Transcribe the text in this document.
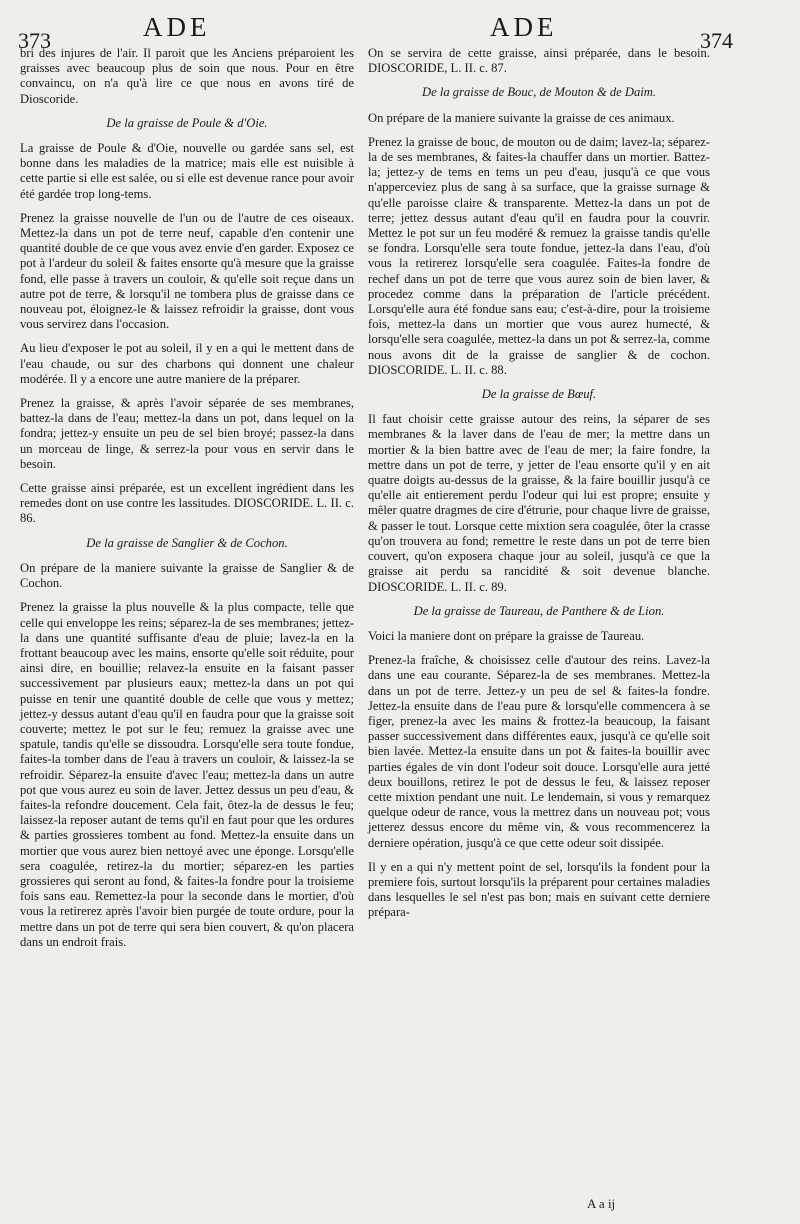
ADE	ADE
373	374

bri des injures de l'air. Il paroit que les Anciens préparoient les graisses avec beaucoup plus de soin que nous. Pour en être convaincu, on n'a qu'à lire ce que nous en avons tiré de Dioscoride.

De la graisse de Poule & d'Oie.

La graisse de Poule & d'Oie, nouvelle ou gardée sans sel, est bonne dans les maladies de la matrice; mais elle est nuisible à cette partie si elle est salée, ou si elle est devenue rance pour avoir été gardée trop long-tems.

Prenez la graisse nouvelle de l'un ou de l'autre de ces oiseaux. Mettez-la dans un pot de terre neuf, capable d'en contenir une quantité double de ce que vous avez envie d'en garder. Exposez ce pot à l'ardeur du soleil & faites ensorte qu'à mesure que la graisse fond, elle passe à travers un couloir, & qu'elle soit reçue dans un autre pot de terre, & lorsqu'il ne tombera plus de graisse dans ce nouveau pot, éloignez-le & laissez refroidir la graisse, dont vous vous servirez dans l'occasion.

Au lieu d'exposer le pot au soleil, il y en a qui le mettent dans de l'eau chaude, ou sur des charbons qui donnent une chaleur modérée. Il y a encore une autre maniere de la préparer.

Prenez la graisse, & après l'avoir séparée de ses membranes, battez-la dans de l'eau; mettez-la dans un pot, dans lequel on la fondra; jettez-y ensuite un peu de sel bien broyé; passez-la dans un morceau de linge, & serrez-la pour vous en servir dans le besoin.

Cette graisse ainsi préparée, est un excellent ingrédient dans les remedes dont on use contre les lassitudes. DIOSCORIDE. L. II. c. 86.

De la graisse de Sanglier & de Cochon.

On prépare de la maniere suivante la graisse de Sanglier & de Cochon.

Prenez la graisse la plus nouvelle & la plus compacte, telle que celle qui enveloppe les reins; séparez-la de ses membranes; jettez-la dans une quantité suffisante d'eau de pluie; lavez-la en la frottant beaucoup avec les mains, ensorte qu'elle soit réduite, pour ainsi dire, en bouillie; relavez-la ensuite en la faisant passer successivement par plusieurs eaux; mettez-la dans un pot qui puisse en tenir une quantité double de celle que vous y mettez; jettez-y dessus autant d'eau qu'il en faudra pour que la graisse soit couverte; mettez le pot sur le feu; remuez la graisse avec une spatule, tandis qu'elle se dissoudra. Lorsqu'elle sera toute fondue, faites-la tomber dans de l'eau à travers un couloir, & laissez-la se refroidir. Séparez-la ensuite d'avec l'eau; mettez-la dans un autre pot que vous aurez eu soin de laver. Jettez dessus un peu d'eau, & faites-la refondre doucement. Cela fait, ôtez-la de dessus le feu; laissez-la reposer autant de tems qu'il en faut pour que les ordures & parties grossieres tombent au fond. Mettez-la ensuite dans un mortier que vous aurez bien nettoyé avec une éponge. Lorsqu'elle sera coagulée, retirez-la du mortier; séparez-en les parties grossieres qui seront au fond, & faites-la fondre pour la troisieme fois sans eau. Remettez-la pour la seconde dans le mortier, d'où vous la retirerez après l'avoir bien purgée de toute ordure, pour la mettre dans un pot de terre qui sera bien couvert, & qu'on placera dans un endroit frais.

On se servira de cette graisse, ainsi préparée, dans le besoin. DIOSCORIDE, L. II. c. 87.

De la graisse de Bouc, de Mouton & de Daim.

On prépare de la maniere suivante la graisse de ces animaux.

Prenez la graisse de bouc, de mouton ou de daim; lavez-la; séparez-la de ses membranes, & faites-la chauffer dans un mortier. Battez-la; jettez-y de tems en tems un peu d'eau, jusqu'à ce que vous n'apperceviez plus de sang à sa surface, que la graisse surnage & qu'elle paroisse claire & transparente. Mettez-la dans un pot de terre; jettez dessus autant d'eau qu'il en faudra pour la couvrir. Mettez le pot sur un feu modéré & remuez la graisse tandis qu'elle se fondra. Lorsqu'elle sera toute fondue, jettez-la dans l'eau, d'où vous la retirerez lorsqu'elle sera coagulée. Faites-la fondre de rechef dans un pot de terre que vous aurez soin de bien laver, & procedez comme dans la préparation de l'article précédent. Lorsqu'elle aura été fondue sans eau; c'est-à-dire, pour la troisieme fois, mettez-la dans un mortier que vous aurez humecté, & lorsqu'elle sera coagulée, mettez-la dans un pot & serrez-la, comme nous avons dit de la graisse de sanglier & de cochon. DIOSCORIDE. L. II. c. 88.

De la graisse de Bœuf.

Il faut choisir cette graisse autour des reins, la séparer de ses membranes & la laver dans de l'eau de mer; la mettre dans un mortier & la bien battre avec de l'eau de mer; la faire fondre, la mettre dans un pot de terre, y jetter de l'eau ensorte qu'il y en ait quatre doigts au-dessus de la graisse, & la faire bouillir jusqu'à ce qu'elle ait entierement perdu l'odeur qui lui est propre; ensuite y mêler quatre dragmes de cire d'étrurie, pour chaque livre de graisse, & passer le tout. Lorsque cette mixtion sera coagulée, ôter la crasse qu'on trouvera au fond; remettre le reste dans un pot de terre bien couvert, qu'on exposera chaque jour au soleil, jusqu'à ce que la graisse ait perdu sa rancidité & soit devenue blanche. DIOSCORIDE. L. II. c. 89.

De la graisse de Taureau, de Panthere & de Lion.

Voici la maniere dont on prépare la graisse de Taureau.

Prenez-la fraîche, & choisissez celle d'autour des reins. Lavez-la dans une eau courante. Séparez-la de ses membranes. Mettez-la dans un pot de terre. Jettez-y un peu de sel & faites-la fondre. Jettez-la ensuite dans de l'eau pure & lorsqu'elle commencera à se figer, prenez-la avec les mains & frottez-la beaucoup, la faisant passer successivement dans différentes eaux, jusqu'à ce qu'elle soit bien lavée. Mettez-la ensuite dans un pot & faites-la bouillir avec parties égales de vin dont l'odeur soit douce. Lorsqu'elle aura jetté deux bouillons, retirez le pot de dessus le feu, & laissez reposer cette mixtion pendant une nuit. Le lendemain, si vous y remarquez quelque odeur de rance, vous la mettrez dans un nouveau pot; vous jetterez dessus encore du même vin, & vous recommencerez la derniere opération, jusqu'à ce que cette odeur soit dissipée.

Il y en a qui n'y mettent point de sel, lorsqu'ils la fondent pour la premiere fois, surtout lorsqu'ils la préparent pour certaines maladies dans lesquelles le sel n'est pas bon; mais en suivant cette derniere prépara-

A a ij
